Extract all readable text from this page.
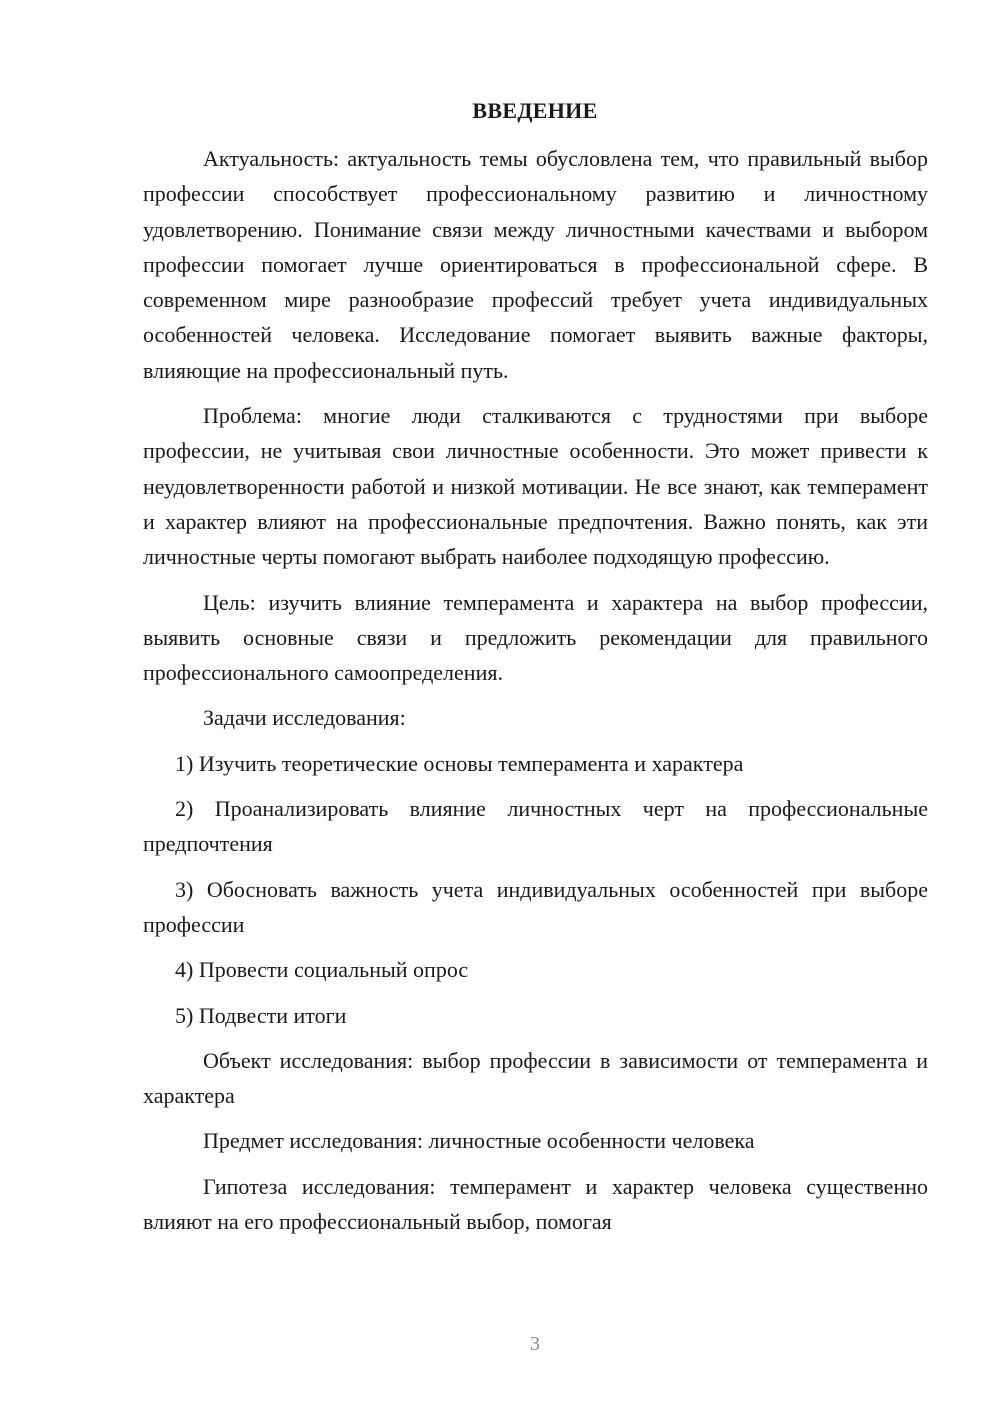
ВВЕДЕНИЕ

Актуальность: актуальность темы обусловлена тем, что правильный выбор профессии способствует профессиональному развитию и личностному удовлетворению. Понимание связи между личностными качествами и выбором профессии помогает лучше ориентироваться в профессиональной сфере. В современном мире разнообразие профессий требует учета индивидуальных особенностей человека. Исследование помогает выявить важные факторы, влияющие на профессиональный путь.

Проблема: многие люди сталкиваются с трудностями при выборе профессии, не учитывая свои личностные особенности. Это может привести к неудовлетворенности работой и низкой мотивации. Не все знают, как темперамент и характер влияют на профессиональные предпочтения. Важно понять, как эти личностные черты помогают выбрать наиболее подходящую профессию.

Цель: изучить влияние темперамента и характера на выбор профессии, выявить основные связи и предложить рекомендации для правильного профессионального самоопределения.

Задачи исследования:

1) Изучить теоретические основы темперамента и характера

2) Проанализировать влияние личностных черт на профессиональные предпочтения

3) Обосновать важность учета индивидуальных особенностей при выборе профессии

4) Провести социальный опрос

5) Подвести итоги

Объект исследования: выбор профессии в зависимости от темперамента и характера

Предмет исследования: личностные особенности человека

Гипотеза исследования: темперамент и характер человека существенно влияют на его профессиональный выбор, помогая

3
